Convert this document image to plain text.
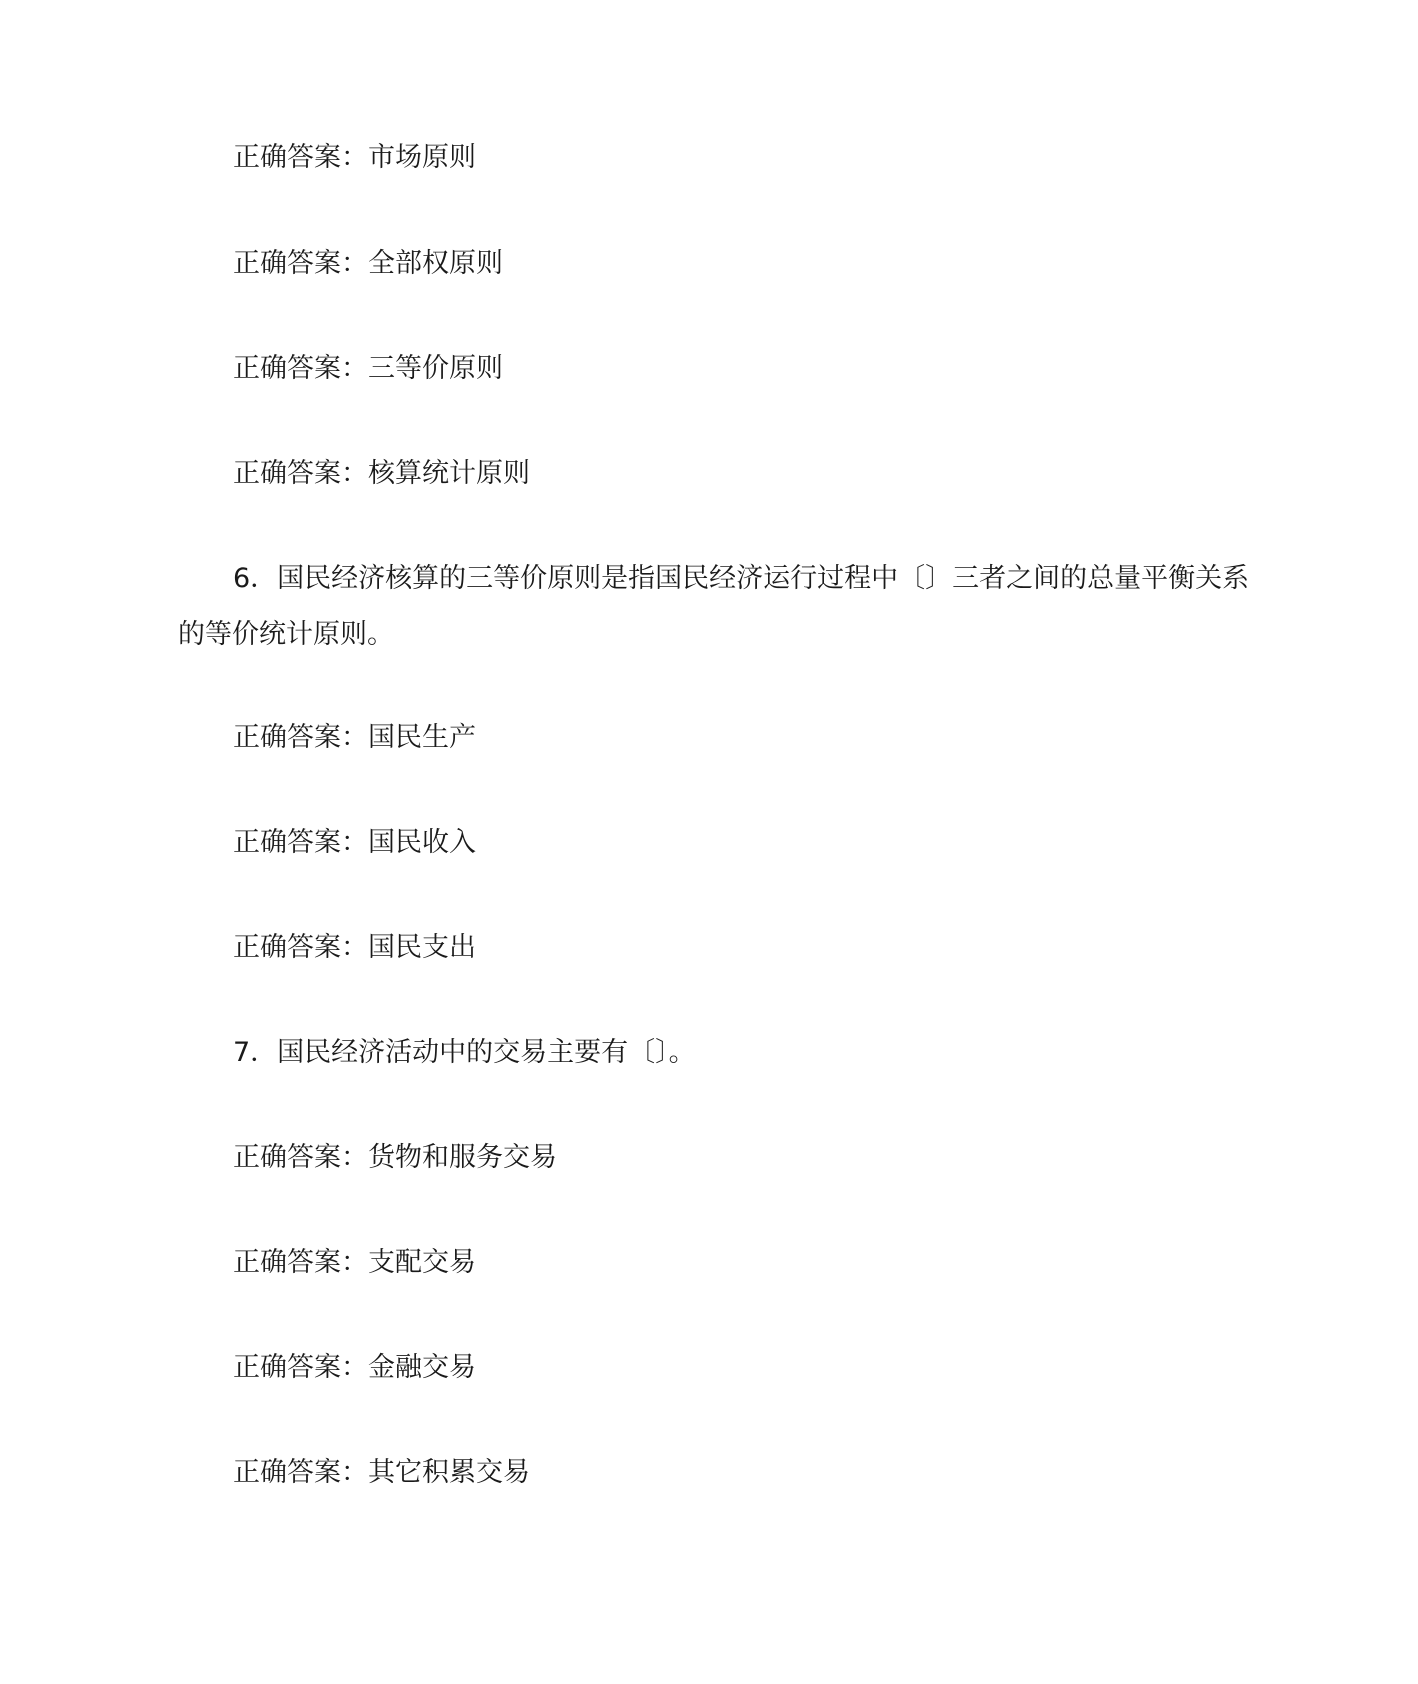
正确答案：市场原则
正确答案：全部权原则
正确答案：三等价原则
正确答案：核算统计原则
6．国民经济核算的三等价原则是指国民经济运行过程中〔〕三者之间的总量平衡关系的等价统计原则。
正确答案：国民生产
正确答案：国民收入
正确答案：国民支出
7．国民经济活动中的交易主要有〔〕。
正确答案：货物和服务交易
正确答案：支配交易
正确答案：金融交易
正确答案：其它积累交易
